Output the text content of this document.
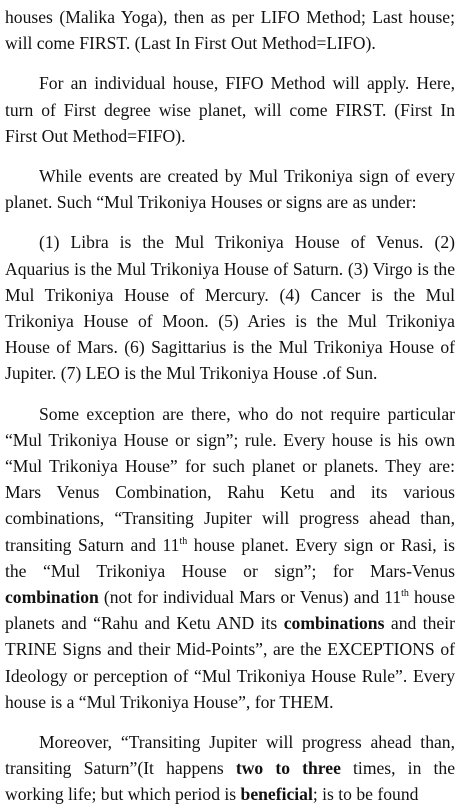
houses (Malika Yoga), then as per LIFO Method; Last house; will come FIRST. (Last In First Out Method=LIFO).

For an individual house, FIFO Method will apply. Here, turn of First degree wise planet, will come FIRST. (First In First Out Method=FIFO).

While events are created by Mul Trikoniya sign of every planet. Such “Mul Trikoniya Houses or signs are as under:

(1) Libra is the Mul Trikoniya House of Venus. (2) Aquarius is the Mul Trikoniya House of Saturn. (3) Virgo is the Mul Trikoniya House of Mercury. (4) Cancer is the Mul Trikoniya House of Moon. (5) Aries is the Mul Trikoniya House of Mars. (6) Sagittarius is the Mul Trikoniya House of Jupiter. (7) LEO is the Mul Trikoniya House .of Sun.

Some exception are there, who do not require particular “Mul Trikoniya House or sign”; rule. Every house is his own “Mul Trikoniya House” for such planet or planets. They are: Mars Venus Combination, Rahu Ketu and its various combinations, “Transiting Jupiter will progress ahead than, transiting Saturn and 11th house planet. Every sign or Rasi, is the “Mul Trikoniya House or sign”; for Mars-Venus combination (not for individual Mars or Venus) and 11th house planets and “Rahu and Ketu AND its combinations and their TRINE Signs and their Mid-Points”, are the EXCEPTIONS of Ideology or perception of “Mul Trikoniya House Rule”. Every house is a “Mul Trikoniya House”, for THEM.

Moreover, “Transiting Jupiter will progress ahead than, transiting Saturn”(It happens two to three times, in the working life; but which period is beneficial; is to be found
